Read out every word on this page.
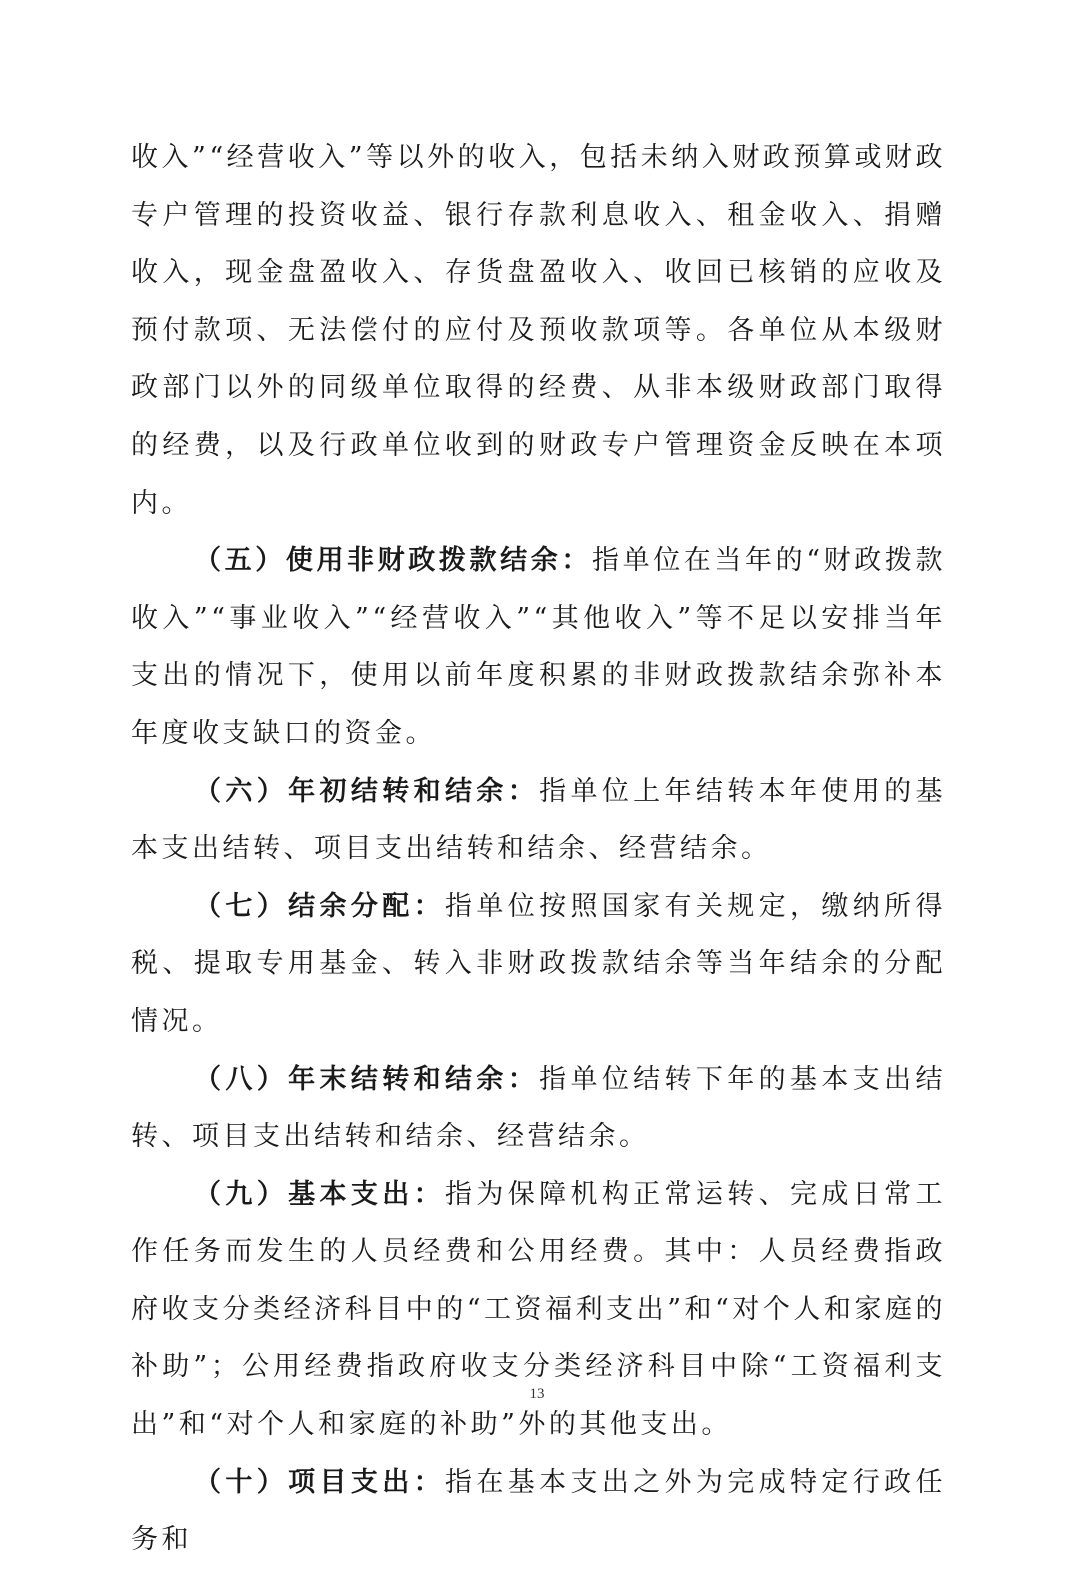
收入”“经营收入”等以外的收入，包括未纳入财政预算或财政专户管理的投资收益、银行存款利息收入、租金收入、捐赠收入，现金盘盈收入、存货盘盈收入、收回已核销的应收及预付款项、无法偿付的应付及预收款项等。各单位从本级财政部门以外的同级单位取得的经费、从非本级财政部门取得的经费，以及行政单位收到的财政专户管理资金反映在本项内。

（五）使用非财政拨款结余：指单位在当年的“财政拨款收入”“事业收入”“经营收入”“其他收入”等不足以安排当年支出的情况下，使用以前年度积累的非财政拨款结余弥补本年度收支缺口的资金。

（六）年初结转和结余：指单位上年结转本年使用的基本支出结转、项目支出结转和结余、经营结余。

（七）结余分配：指单位按照国家有关规定，缴纳所得税、提取专用基金、转入非财政拨款结余等当年结余的分配情况。

（八）年末结转和结余：指单位结转下年的基本支出结转、项目支出结转和结余、经营结余。

（九）基本支出：指为保障机构正常运转、完成日常工作任务而发生的人员经费和公用经费。其中：人员经费指政府收支分类经济科目中的“工资福利支出”和“对个人和家庭的补助”；公用经费指政府收支分类经济科目中除“工资福利支出”和“对个人和家庭的补助”外的其他支出。

（十）项目支出：指在基本支出之外为完成特定行政任务和

13
